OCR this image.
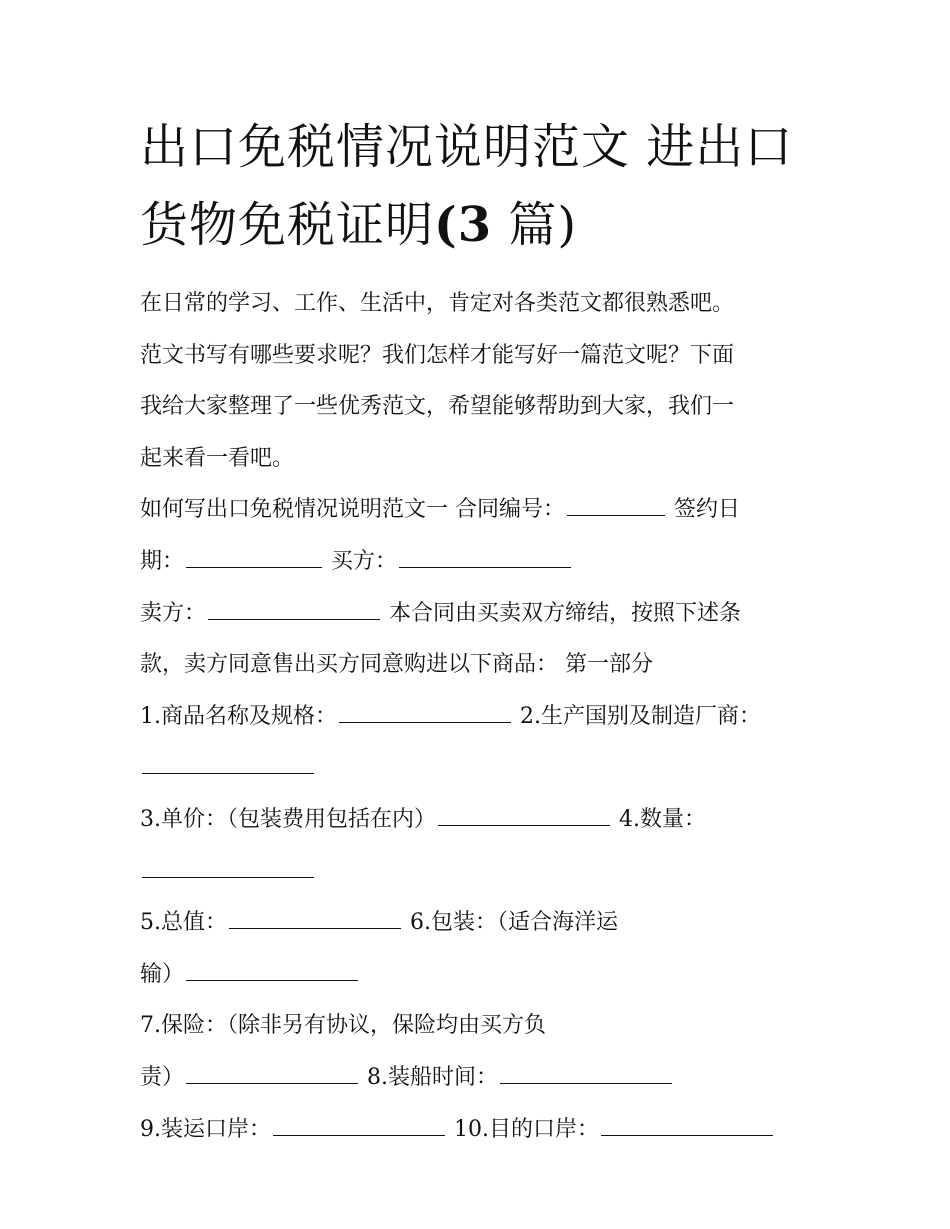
出口免税情况说明范文 进出口
货物免税证明(3 篇)
在日常的学习、工作、生活中，肯定对各类范文都很熟悉吧。
范文书写有哪些要求呢？我们怎样才能写好一篇范文呢？下面
我给大家整理了一些优秀范文，希望能够帮助到大家，我们一
起来看一看吧。
如何写出口免税情况说明范文一 合同编号：	签约日
期：	买方：
卖方：	本合同由买卖双方缔结，按照下述条
款，卖方同意售出买方同意购进以下商品： 第一部分
1.商品名称及规格：	2.生产国别及制造厂商：
3.单价：（包装费用包括在内）	4.数量：
5.总值：	6.包装：（适合海洋运
输）
7.保险：（除非另有协议，保险均由买方负
责）	8.装船时间：
9.装运口岸：	10.目的口岸：
